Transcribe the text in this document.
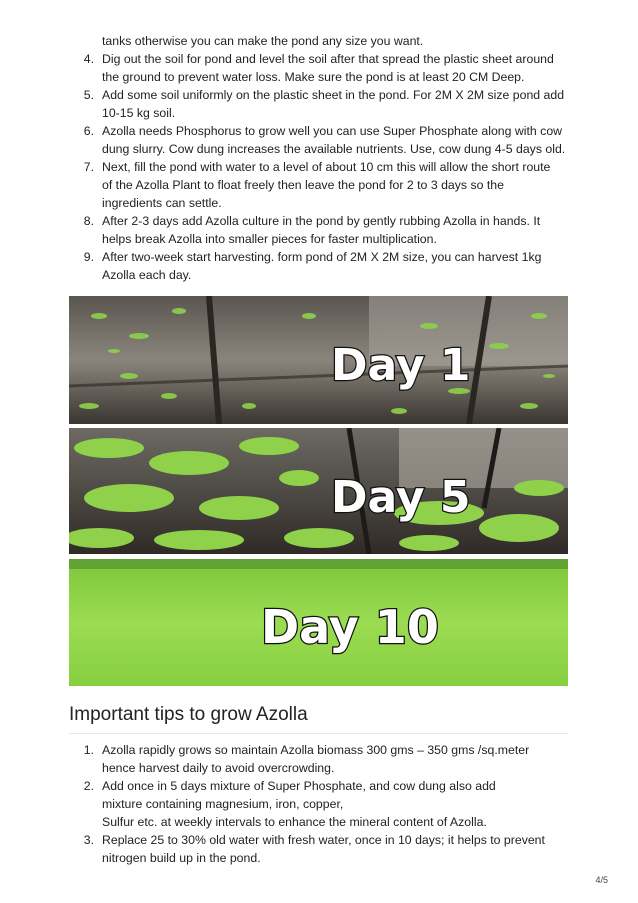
tanks otherwise you can make the pond any size you want.

4. Dig out the soil for pond and level the soil after that spread the plastic sheet around
the ground to prevent water loss. Make sure the pond is at least 20 CM Deep.
5. Add some soil uniformly on the plastic sheet in the pond. For 2M X 2M size pond add
10-15 kg soil.
6. Azolla needs Phosphorus to grow well you can use Super Phosphate along with cow
dung slurry. Cow dung increases the available nutrients. Use, cow dung 4-5 days old.
7. Next, fill the pond with water to a level of about 10 cm this will allow the short route
of the Azolla Plant to float freely then leave the pond for 2 to 3 days so the
ingredients can settle.
8. After 2-3 days add Azolla culture in the pond by gently rubbing Azolla in hands. It
helps break Azolla into smaller pieces for faster multiplication.
9. After two-week start harvesting. form pond of 2M X 2M size, you can harvest 1kg
Azolla each day.
Day 1
Day 5
Day 10
Important tips to grow Azolla
1. Azolla rapidly grows so maintain Azolla biomass 300 gms – 350 gms /sq.meter
hence harvest daily to avoid overcrowding.
2. Add once in 5 days mixture of Super Phosphate, and cow dung also add
mixture containing magnesium, iron, copper,
Sulfur etc. at weekly intervals to enhance the mineral content of Azolla.
3. Replace 25 to 30% old water with fresh water, once in 10 days; it helps to prevent
nitrogen build up in the pond.
4/5
